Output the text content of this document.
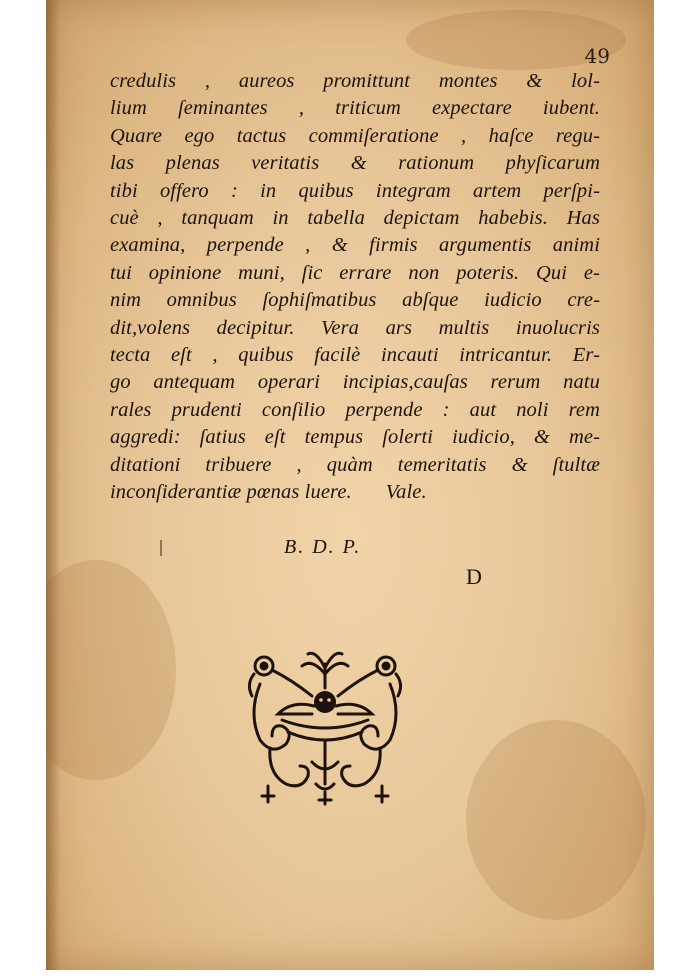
49
credulis , aureos promittunt montes & lol-
lium ſeminantes , triticum expectare iubent.
Quare ego tactus commiſeratione , haſce regu-
las plenas veritatis & rationum phyſicarum
tibi offero : in quibus integram artem perſpi-
cuè , tanquam in tabella depictam habebis. Has
examina, perpende , & firmis argumentis animi
tui opinione muni, ſic errare non poteris. Qui e-
nim omnibus ſophiſmatibus abſque iudicio cre-
dit,volens decipitur. Vera ars multis inuolucris
tecta eſt , quibus facilè incauti intricantur. Er-
go antequam operari incipias,cauſas rerum natu
rales prudenti conſilio perpende : aut noli rem
aggredi: ſatius eſt tempus ſolerti iudicio, & me-
ditationi tribuere , quàm temeritatis & ſtultæ
inconſiderantiæ pœnas luere. Vale.
B. D. P.
D
